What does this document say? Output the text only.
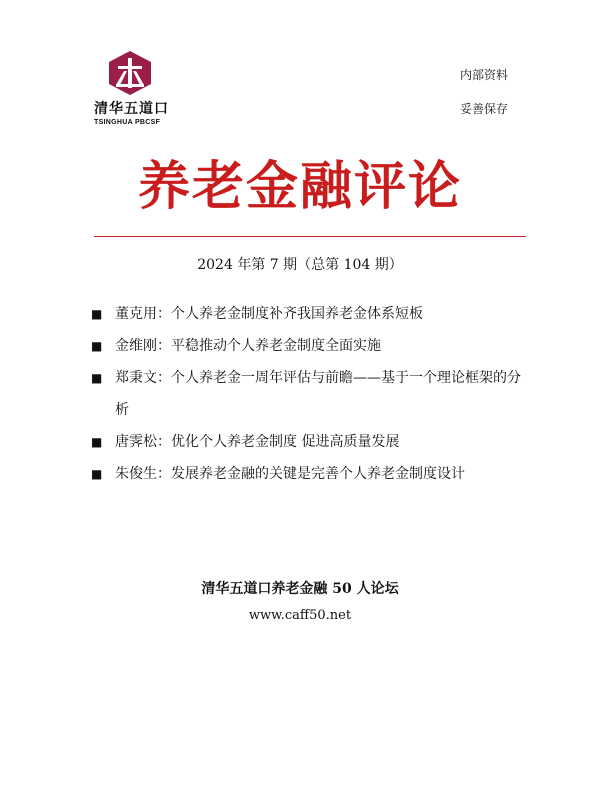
清华五道口
TSINGHUA PBCSF
内部资料
妥善保存
养老金融评论
2024 年第 7 期（总第 104 期）
■ 董克用：个人养老金制度补齐我国养老金体系短板
■ 金维刚：平稳推动个人养老金制度全面实施
■ 郑秉文：个人养老金一周年评估与前瞻——基于一个理论框架的分析
■ 唐霁松：优化个人养老金制度 促进高质量发展
■ 朱俊生：发展养老金融的关键是完善个人养老金制度设计
清华五道口养老金融 50 人论坛
www.caff50.net
